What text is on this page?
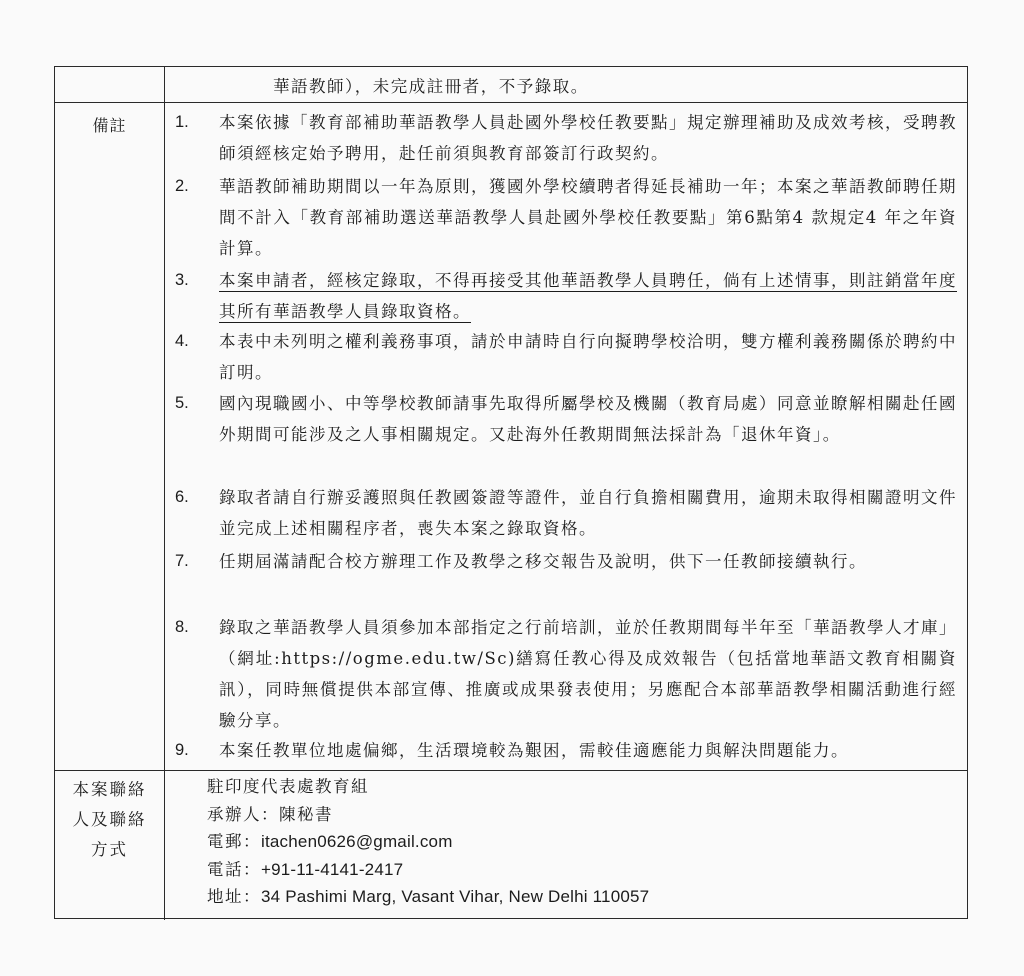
華語教師），未完成註冊者，不予錄取。
備註	1. 本案依據「教育部補助華語教學人員赴國外學校任教要點」規定辦理補助及成效考核，受聘教師須經核定始予聘用，赴任前須與教育部簽訂行政契約。

2. 華語教師補助期間以一年為原則，獲國外學校續聘者得延長補助一年；本案之華語教師聘任期間不計入「教育部補助選送華語教學人員赴國外學校任教要點」第6點第4 款規定4 年之年資計算。

3. 本案申請者，經核定錄取，不得再接受其他華語教學人員聘任，倘有上述情事，則註銷當年度其所有華語教學人員錄取資格。

4. 本表中未列明之權利義務事項，請於申請時自行向擬聘學校洽明，雙方權利義務關係於聘約中訂明。

5. 國內現職國小、中等學校教師請事先取得所屬學校及機關（教育局處）同意並瞭解相關赴任國外期間可能涉及之人事相關規定。又赴海外任教期間無法採計為「退休年資」。

6. 錄取者請自行辦妥護照與任教國簽證等證件，並自行負擔相關費用，逾期未取得相關證明文件並完成上述相關程序者，喪失本案之錄取資格。

7. 任期屆滿請配合校方辦理工作及教學之移交報告及說明，供下一任教師接續執行。

8. 錄取之華語教學人員須參加本部指定之行前培訓，並於任教期間每半年至「華語教學人才庫」（網址:https://ogme.edu.tw/Sc)繕寫任教心得及成效報告（包括當地華語文教育相關資訊），同時無償提供本部宣傳、推廣或成果發表使用；另應配合本部華語教學相關活動進行經驗分享。

9. 本案任教單位地處偏鄉，生活環境較為艱困，需較佳適應能力與解決問題能力。

本案聯絡
人及聯絡
方式
駐印度代表處教育組
承辦人：陳秘書
電郵：itachen0626@gmail.com
電話：+91-11-4141-2417
地址：34 Pashimi Marg, Vasant Vihar, New Delhi 110057
